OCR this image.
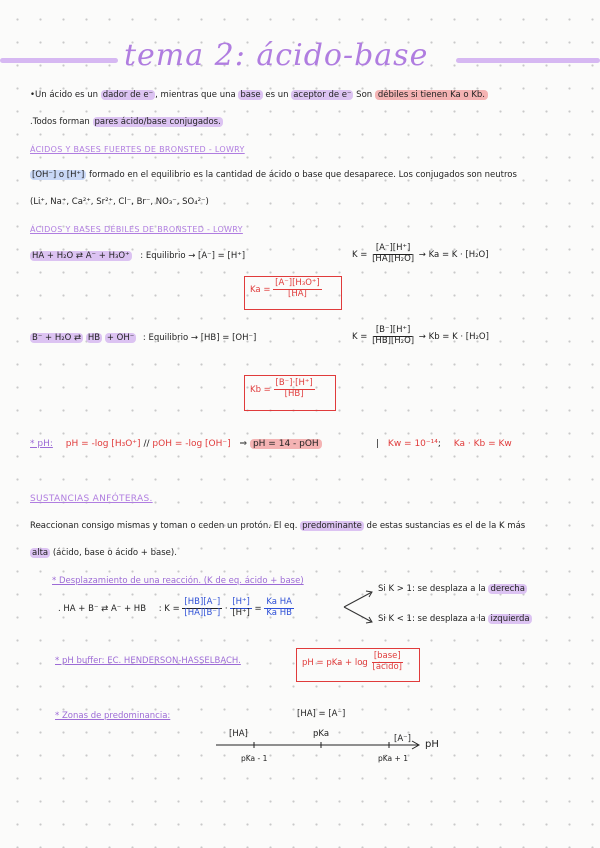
tema 2: ácido-base
•Un ácido es un dador de e⁻ , mientras que una base es un aceptor de e⁻ Son débiles si tienen Ka o Kb.
.Todos forman pares ácido/base conjugados.
ÁCIDOS Y BASES FUERTES DE BRONSTED - LOWRY
[OH⁻] o [H⁺] formado en el equilibrio es la cantidad de ácido o base que desaparece. Los conjugados son neutros
(Li⁺, Na⁺, Ca²⁺, Sr²⁺, Cl⁻, Br⁻, NO₃⁻, SO₄²⁻)
ÁCIDOS Y BASES DÉBILES DE BRONSTED - LOWRY
HA + H₂O ⇄ A⁻ + H₃O⁺ : Equilibrio → [A⁻] = [H⁺]	$K = \frac{[A^-][H^+]}{\text{[HA][H₂O]}} \to Ka = K \cdot [H_2O]$
$Ka = \frac{\text{[A⁻][H₃O⁺]}}{[HA]}$
B⁻ + H₂O ⇄ HB + OH⁻ : Equilibrio → [HB] = [OH⁻]	$K = \frac{[B^-][H^+]}{\text{[HB][H₂O]}} \to Kb = K \cdot [H_2O]$
$Kb = \frac{[B^-]\cdot[H^+]}{[HB]}$
* pH: pH = -log [H₃O⁺] // pOH = -log [OH⁻] ⇒ pH = 14 - pOH	| Kw = 10⁻¹⁴; Ka · Kb = Kw
SUSTANCIAS ANFÓTERAS.
Reaccionan consigo mismas y toman o ceden un protón. El eq. predominante de estas sustancias es el de la K más
alta (ácido, base o ácido + base).
* Desplazamiento de una reacción. (K de eq. ácido + base)
. HA + B⁻ ⇄ A⁻ + HB : $K = \frac{[HB][A^-]}{[HA][B^-]} \cdot \frac{[H^+]}{[H^+]} = \frac{\text{Ka HA}}{\text{Ka HB}}$
Si K > 1: se desplaza a la derecha
Si K < 1: se desplaza a la izquierda
* pH buffer: EC. HENDERSON-HASSELBACH.	pH = pKa + $\log \frac{\text{[base]}}{\text{[ácido]}}$
* Zonas de predominancia:	[HA] = [A⁻]
[HA]	pKa	[A⁻] pH
pKa - 1	pKa + 1
